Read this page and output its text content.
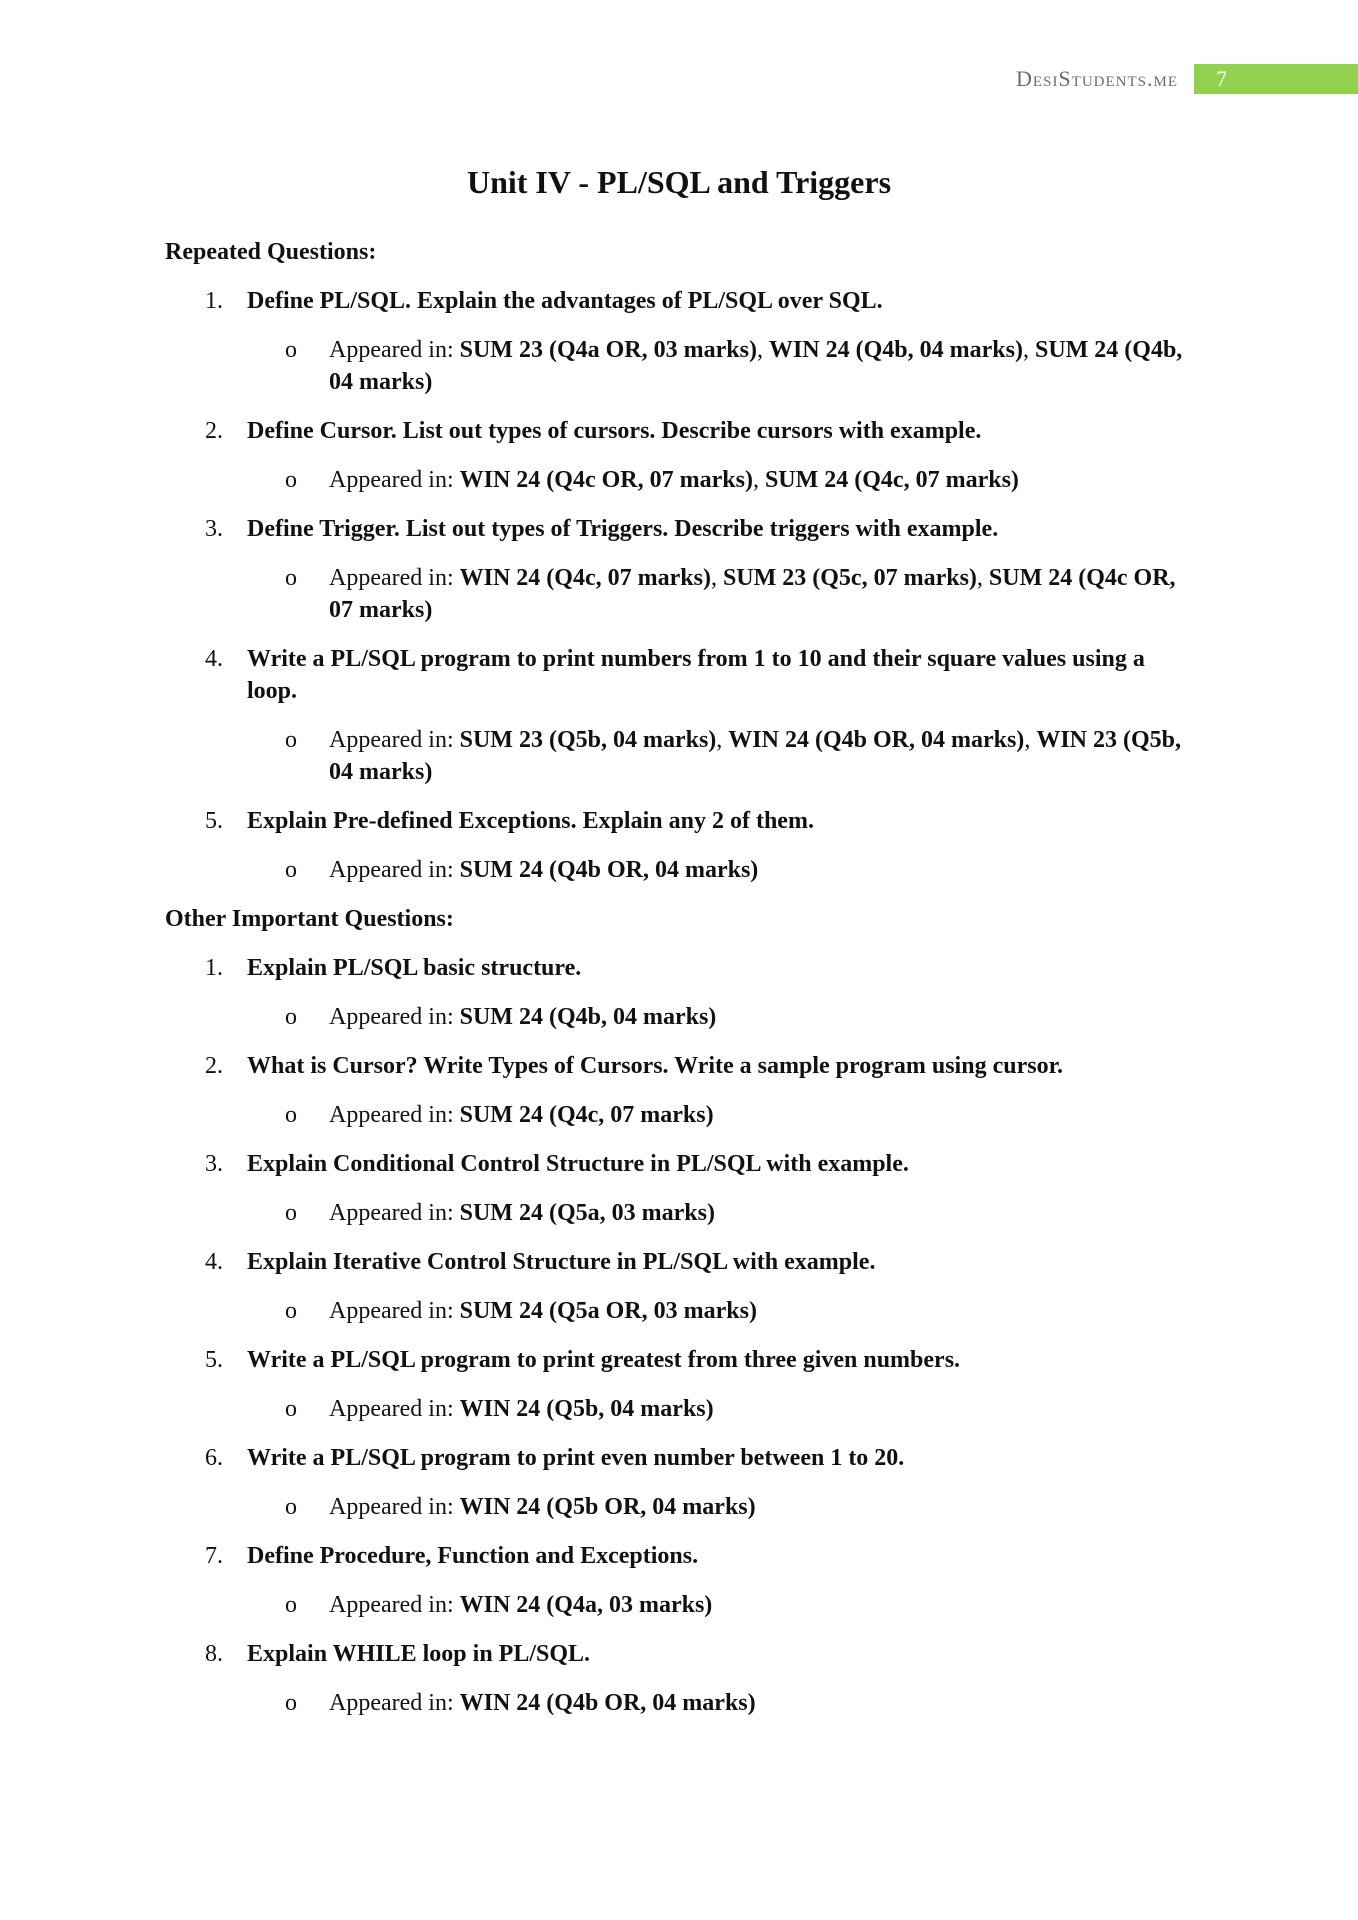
DesiStudents.me	7
Unit IV - PL/SQL and Triggers
Repeated Questions:
1.	Define PL/SQL. Explain the advantages of PL/SQL over SQL.
o Appeared in: SUM 23 (Q4a OR, 03 marks), WIN 24 (Q4b, 04 marks), SUM 24 (Q4b, 04 marks)
2.	Define Cursor. List out types of cursors. Describe cursors with example.
o Appeared in: WIN 24 (Q4c OR, 07 marks), SUM 24 (Q4c, 07 marks)
3.	Define Trigger. List out types of Triggers. Describe triggers with example.
o Appeared in: WIN 24 (Q4c, 07 marks), SUM 23 (Q5c, 07 marks), SUM 24 (Q4c OR, 07 marks)
4.	Write a PL/SQL program to print numbers from 1 to 10 and their square values using a loop.
o Appeared in: SUM 23 (Q5b, 04 marks), WIN 24 (Q4b OR, 04 marks), WIN 23 (Q5b, 04 marks)
5.	Explain Pre-defined Exceptions. Explain any 2 of them.
o Appeared in: SUM 24 (Q4b OR, 04 marks)
Other Important Questions:
1.	Explain PL/SQL basic structure.
o Appeared in: SUM 24 (Q4b, 04 marks)
2.	What is Cursor? Write Types of Cursors. Write a sample program using cursor.
o Appeared in: SUM 24 (Q4c, 07 marks)
3.	Explain Conditional Control Structure in PL/SQL with example.
o Appeared in: SUM 24 (Q5a, 03 marks)
4.	Explain Iterative Control Structure in PL/SQL with example.
o Appeared in: SUM 24 (Q5a OR, 03 marks)
5.	Write a PL/SQL program to print greatest from three given numbers.
o Appeared in: WIN 24 (Q5b, 04 marks)
6.	Write a PL/SQL program to print even number between 1 to 20.
o Appeared in: WIN 24 (Q5b OR, 04 marks)
7.	Define Procedure, Function and Exceptions.
o Appeared in: WIN 24 (Q4a, 03 marks)
8.	Explain WHILE loop in PL/SQL.
o Appeared in: WIN 24 (Q4b OR, 04 marks)
